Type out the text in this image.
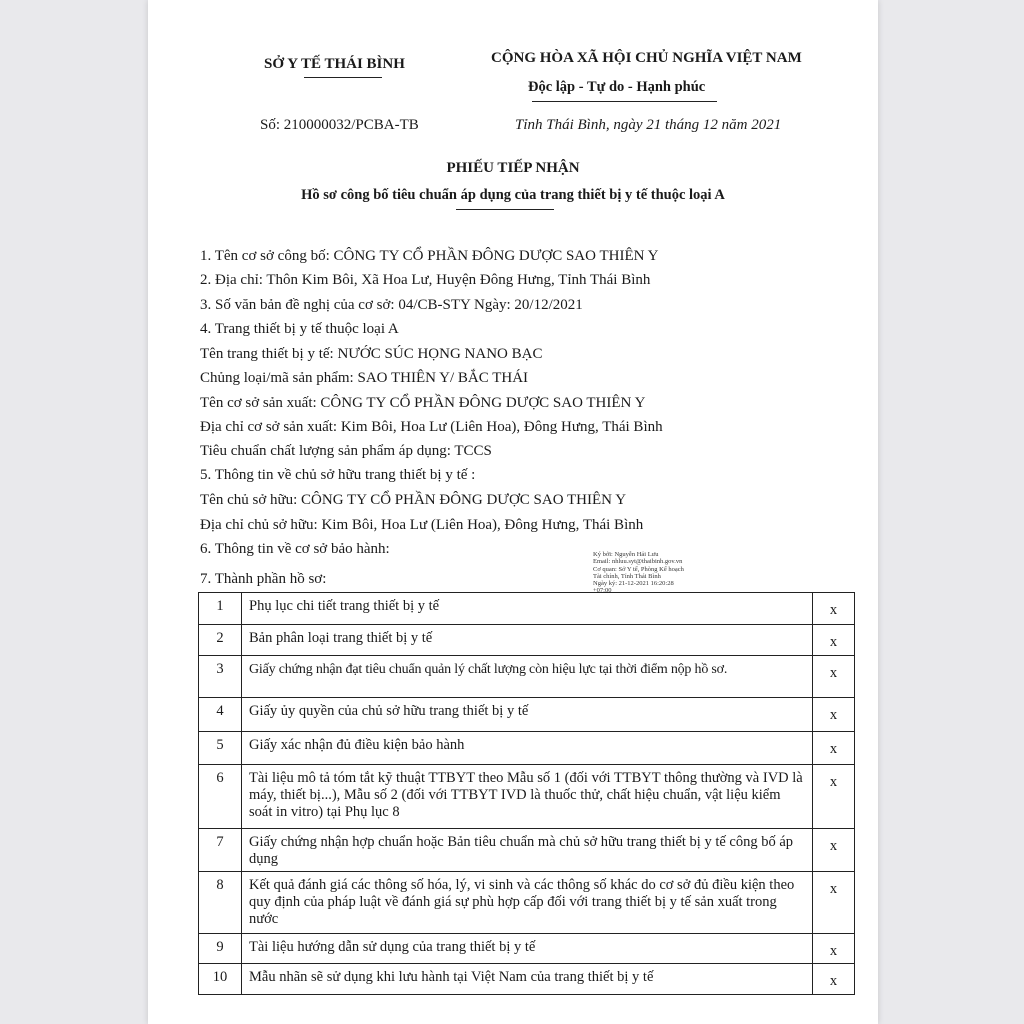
SỞ Y TẾ THÁI BÌNH	CỘNG HÒA XÃ HỘI CHỦ NGHĨA VIỆT NAM
Độc lập - Tự do - Hạnh phúc
Số: 210000032/PCBA-TB	Tỉnh Thái Bình, ngày 21 tháng 12 năm 2021
PHIẾU TIẾP NHẬN
Hồ sơ công bố tiêu chuẩn áp dụng của trang thiết bị y tế thuộc loại A
1. Tên cơ sở công bố: CÔNG TY CỔ PHẦN ĐÔNG DƯỢC SAO THIÊN Y
2. Địa chỉ: Thôn Kim Bôi, Xã Hoa Lư, Huyện Đông Hưng, Tỉnh Thái Bình
3. Số văn bản đề nghị của cơ sở: 04/CB-STY Ngày: 20/12/2021
4. Trang thiết bị y tế thuộc loại A
Tên trang thiết bị y tế: NƯỚC SÚC HỌNG NANO BẠC
Chủng loại/mã sản phẩm: SAO THIÊN Y/ BẮC THÁI
Tên cơ sở sản xuất: CÔNG TY CỔ PHẦN ĐÔNG DƯỢC SAO THIÊN Y
Địa chỉ cơ sở sản xuất: Kim Bôi, Hoa Lư (Liên Hoa), Đông Hưng, Thái Bình
Tiêu chuẩn chất lượng sản phẩm áp dụng: TCCS
5. Thông tin về chủ sở hữu trang thiết bị y tế :
Tên chủ sở hữu: CÔNG TY CỔ PHẦN ĐÔNG DƯỢC SAO THIÊN Y
Địa chỉ chủ sở hữu: Kim Bôi, Hoa Lư (Liên Hoa), Đông Hưng, Thái Bình
6. Thông tin về cơ sở bảo hành:
7. Thành phần hồ sơ:
Ký bởi: Nguyễn Hải Lưu
Email: nhluu.syt@thaibinh.gov.vn
Cơ quan: Sở Y tế, Phòng Kế hoạch
Tài chính, Tỉnh Thái Bình
Ngày ký: 21-12-2021 16:20:28
+07:00
1	Phụ lục chi tiết trang thiết bị y tế	x
2	Bản phân loại trang thiết bị y tế	x
3	Giấy chứng nhận đạt tiêu chuẩn quản lý chất lượng còn hiệu lực tại thời điểm nộp hồ sơ.	x
4	Giấy ủy quyền của chủ sở hữu trang thiết bị y tế	x
5	Giấy xác nhận đủ điều kiện bảo hành	x
6	Tài liệu mô tả tóm tắt kỹ thuật TTBYT theo Mẫu số 1 (đối với TTBYT thông thường và IVD là máy, thiết bị...), Mẫu số 2 (đối với TTBYT IVD là thuốc thử, chất hiệu chuẩn, vật liệu kiểm soát in vitro) tại Phụ lục 8	x
7	Giấy chứng nhận hợp chuẩn hoặc Bản tiêu chuẩn mà chủ sở hữu trang thiết bị y tế công bố áp dụng	x
8	Kết quả đánh giá các thông số hóa, lý, vi sinh và các thông số khác do cơ sở đủ điều kiện theo quy định của pháp luật về đánh giá sự phù hợp cấp đối với trang thiết bị y tế sản xuất trong nước	x
9	Tài liệu hướng dẫn sử dụng của trang thiết bị y tế	x
10	Mẫu nhãn sẽ sử dụng khi lưu hành tại Việt Nam của trang thiết bị y tế	x
